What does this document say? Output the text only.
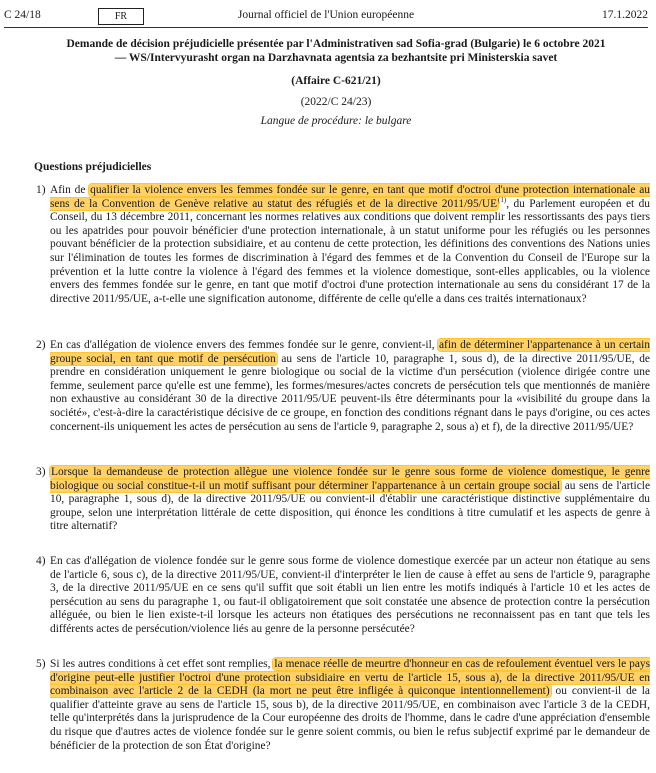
C 24/18	FR	Journal officiel de l'Union européenne	17.1.2022
Demande de décision préjudicielle présentée par l'Administrativen sad Sofia-grad (Bulgarie) le 6 octobre 2021 — WS/Intervyurasht organ na Darzhavnata agentsia za bezhantsite pri Ministerskia savet
(Affaire C-621/21)
(2022/C 24/23)
Langue de procédure: le bulgare
Questions préjudicielles
1) Afin de qualifier la violence envers les femmes fondée sur le genre, en tant que motif d'octroi d'une protection internationale au sens de la Convention de Genève relative au statut des réfugiés et de la directive 2011/95/UE$^{(1)}$, du Parlement européen et du Conseil, du 13 décembre 2011, concernant les normes relatives aux conditions que doivent remplir les ressortissants des pays tiers ou les apatrides pour pouvoir bénéficier d'une protection internationale, à un statut uniforme pour les réfugiés ou les personnes pouvant bénéficier de la protection subsidiaire, et au contenu de cette protection, les définitions des conventions des Nations unies sur l'élimination de toutes les formes de discrimination à l'égard des femmes et de la Convention du Conseil de l'Europe sur la prévention et la lutte contre la violence à l'égard des femmes et la violence domestique, sont-elles applicables, ou la violence envers des femmes fondée sur le genre, en tant que motif d'octroi d'une protection internationale au sens du considérant 17 de la directive 2011/95/UE, a-t-elle une signification autonome, différente de celle qu'elle a dans ces traités internationaux?
2) En cas d'allégation de violence envers des femmes fondée sur le genre, convient-il, afin de déterminer l'appartenance à un certain groupe social, en tant que motif de persécution au sens de l'article 10, paragraphe 1, sous d), de la directive 2011/95/UE, de prendre en considération uniquement le genre biologique ou social de la victime d'un persécution (violence dirigée contre une femme, seulement parce qu'elle est une femme), les formes/mesures/actes concrets de persécution tels que mentionnés de manière non exhaustive au considérant 30 de la directive 2011/95/UE peuvent-ils être déterminants pour la «visibilité du groupe dans la société», c'est-à-dire la caractéristique décisive de ce groupe, en fonction des conditions régnant dans le pays d'origine, ou ces actes concernent-ils uniquement les actes de persécution au sens de l'article 9, paragraphe 2, sous a) et f), de la directive 2011/95/UE?
3) Lorsque la demandeuse de protection allègue une violence fondée sur le genre sous forme de violence domestique, le genre biologique ou social constitue-t-il un motif suffisant pour déterminer l'appartenance à un certain groupe social au sens de l'article 10, paragraphe 1, sous d), de la directive 2011/95/UE ou convient-il d'établir une caractéristique distinctive supplémentaire du groupe, selon une interprétation littérale de cette disposition, qui énonce les conditions à titre cumulatif et les aspects de genre à titre alternatif?
4) En cas d'allégation de violence fondée sur le genre sous forme de violence domestique exercée par un acteur non étatique au sens de l'article 6, sous c), de la directive 2011/95/UE, convient-il d'interpréter le lien de cause à effet au sens de l'article 9, paragraphe 3, de la directive 2011/95/UE en ce sens qu'il suffit que soit établi un lien entre les motifs indiqués à l'article 10 et les actes de persécution au sens du paragraphe 1, ou faut-il obligatoirement que soit constatée une absence de protection contre la persécution alléguée, ou bien le lien existe-t-il lorsque les acteurs non étatiques des persécutions ne reconnaissent pas en tant que tels les différents actes de persécution/violence liés au genre de la personne persécutée?
5) Si les autres conditions à cet effet sont remplies, la menace réelle de meurtre d'honneur en cas de refoulement éventuel vers le pays d'origine peut-elle justifier l'octroi d'une protection subsidiaire en vertu de l'article 15, sous a), de la directive 2011/95/UE en combinaison avec l'article 2 de la CEDH (la mort ne peut être infligée à quiconque intentionnellement) ou convient-il de la qualifier d'atteinte grave au sens de l'article 15, sous b), de la directive 2011/95/UE, en combinaison avec l'article 3 de la CEDH, telle qu'interprétés dans la jurisprudence de la Cour européenne des droits de l'homme, dans le cadre d'une appréciation d'ensemble du risque que d'autres actes de violence fondée sur le genre soient commis, ou bien le refus subjectif exprimé par le demandeur de bénéficier de la protection de son État d'origine?
